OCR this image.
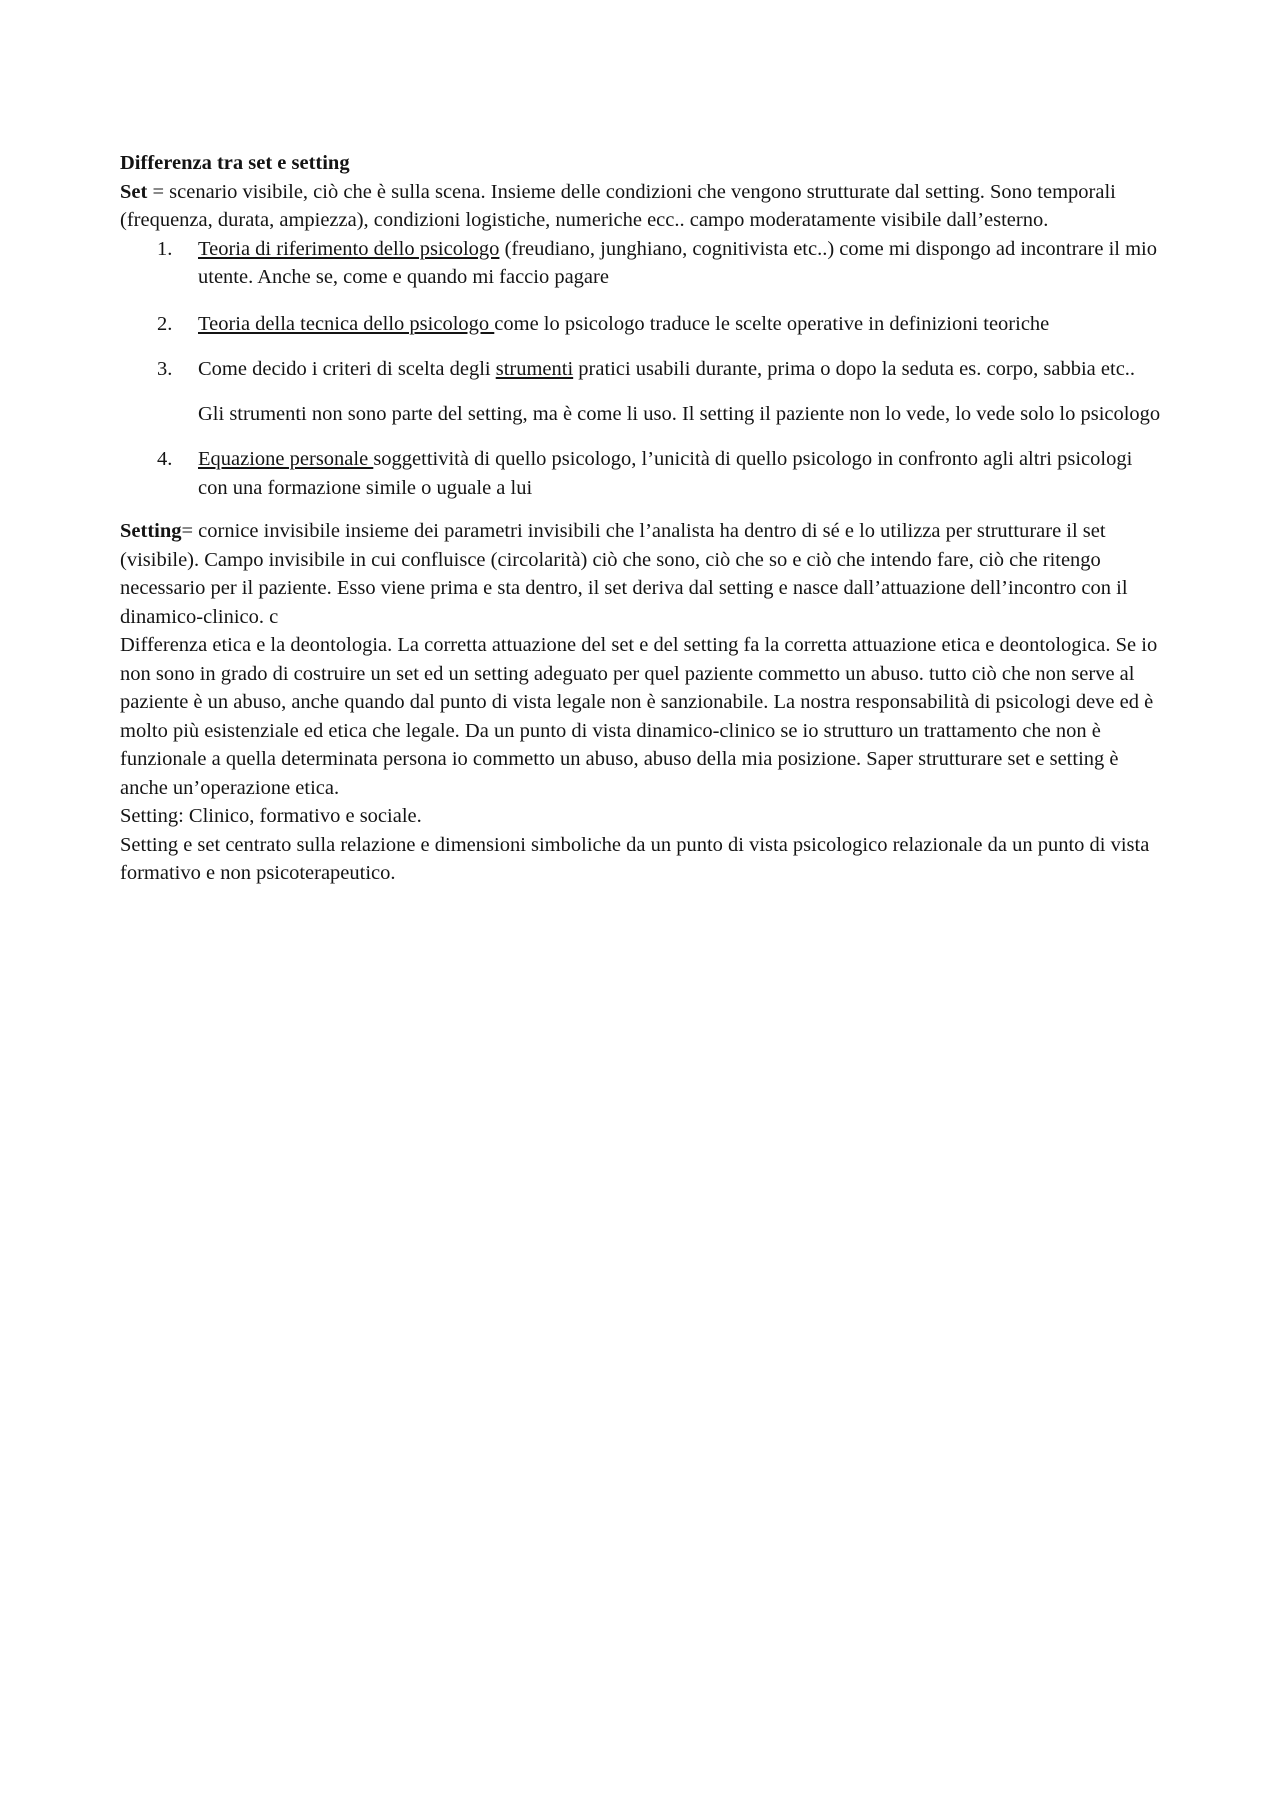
Differenza tra set e setting

Set = scenario visibile, ciò che è sulla scena. Insieme delle condizioni che vengono strutturate dal setting. Sono temporali (frequenza, durata, ampiezza), condizioni logistiche, numeriche ecc.. campo moderatamente visibile dall’esterno.

1.	Teoria di riferimento dello psicologo (freudiano, junghiano, cognitivista etc..) come mi dispongo ad incontrare il mio utente. Anche se, come e quando mi faccio pagare
2.	Teoria della tecnica dello psicologo come lo psicologo traduce le scelte operative in definizioni teoriche
3.	Come decido i criteri di scelta degli strumenti pratici usabili durante, prima o dopo la seduta es. corpo, sabbia etc..
Gli strumenti non sono parte del setting, ma è come li uso. Il setting il paziente non lo vede, lo vede solo lo psicologo
4.	Equazione personale soggettività di quello psicologo, l’unicità di quello psicologo in confronto agli altri psicologi con una formazione simile o uguale a lui

Setting= cornice invisibile insieme dei parametri invisibili che l’analista ha dentro di sé e lo utilizza per strutturare il set (visibile). Campo invisibile in cui confluisce (circolarità) ciò che sono, ciò che so e ciò che intendo fare, ciò che ritengo necessario per il paziente. Esso viene prima e sta dentro, il set deriva dal setting e nasce dall’attuazione dell’incontro con il dinamico-clinico. c

Differenza etica e la deontologia. La corretta attuazione del set e del setting fa la corretta attuazione etica e deontologica. Se io non sono in grado di costruire un set ed un setting adeguato per quel paziente commetto un abuso. tutto ciò che non serve al paziente è un abuso, anche quando dal punto di vista legale non è sanzionabile. La nostra responsabilità di psicologi deve ed è molto più esistenziale ed etica che legale. Da un punto di vista dinamico-clinico se io strutturo un trattamento che non è funzionale a quella determinata persona io commetto un abuso, abuso della mia posizione. Saper strutturare set e setting è anche un’operazione etica.

Setting: Clinico, formativo e sociale.

Setting e set centrato sulla relazione e dimensioni simboliche da un punto di vista psicologico relazionale da un punto di vista formativo e non psicoterapeutico.
